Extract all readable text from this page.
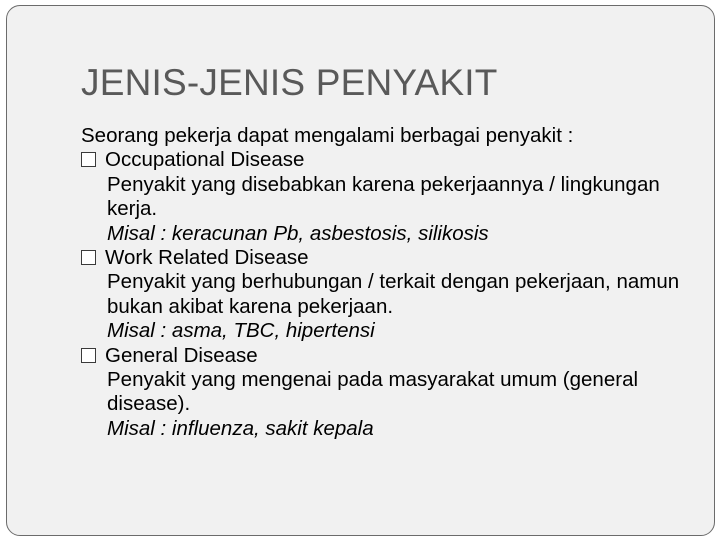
JENIS-JENIS PENYAKIT
Seorang pekerja dapat mengalami berbagai penyakit :
Occupational Disease
Penyakit yang disebabkan karena pekerjaannya / lingkungan kerja.
Misal : keracunan Pb, asbestosis, silikosis
Work Related Disease
Penyakit yang berhubungan / terkait dengan pekerjaan, namun bukan akibat karena pekerjaan.
Misal : asma, TBC, hipertensi
General Disease
Penyakit yang mengenai pada masyarakat umum (general disease).
Misal : influenza, sakit kepala
